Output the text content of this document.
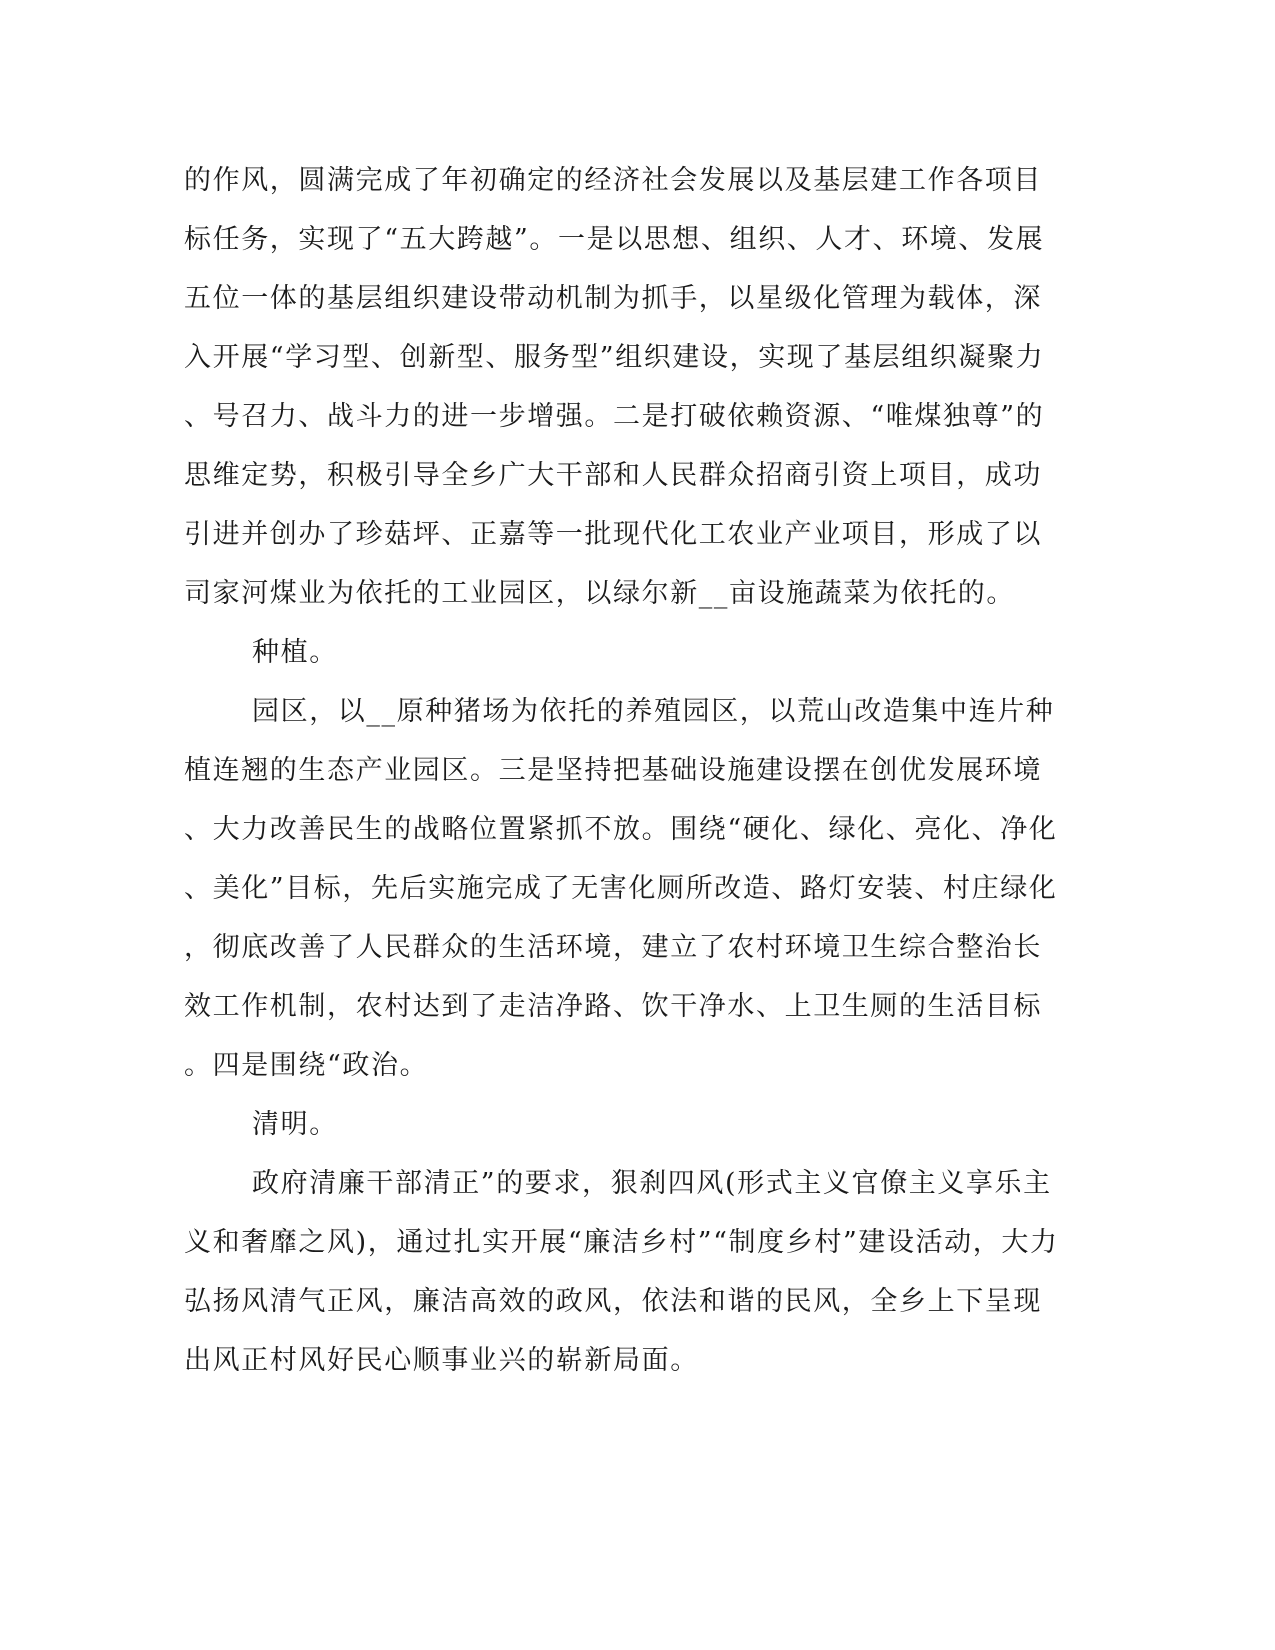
的作风，圆满完成了年初确定的经济社会发展以及基层建工作各项目
标任务，实现了“五大跨越”。一是以思想、组织、人才、环境、发展
五位一体的基层组织建设带动机制为抓手，以星级化管理为载体，深
入开展“学习型、创新型、服务型”组织建设，实现了基层组织凝聚力
、号召力、战斗力的进一步增强。二是打破依赖资源、“唯煤独尊”的
思维定势，积极引导全乡广大干部和人民群众招商引资上项目，成功
引进并创办了珍菇坪、正嘉等一批现代化工农业产业项目，形成了以
司家河煤业为依托的工业园区，以绿尔新__亩设施蔬菜为依托的。
种植。
园区，以__原种猪场为依托的养殖园区，以荒山改造集中连片种
植连翘的生态产业园区。三是坚持把基础设施建设摆在创优发展环境
、大力改善民生的战略位置紧抓不放。围绕“硬化、绿化、亮化、净化
、美化”目标，先后实施完成了无害化厕所改造、路灯安装、村庄绿化
，彻底改善了人民群众的生活环境，建立了农村环境卫生综合整治长
效工作机制，农村达到了走洁净路、饮干净水、上卫生厕的生活目标
。四是围绕“政治。
清明。
政府清廉干部清正”的要求，狠刹四风(形式主义官僚主义享乐主
义和奢靡之风)，通过扎实开展“廉洁乡村”“制度乡村”建设活动，大力
弘扬风清气正风，廉洁高效的政风，依法和谐的民风，全乡上下呈现
出风正村风好民心顺事业兴的崭新局面。
